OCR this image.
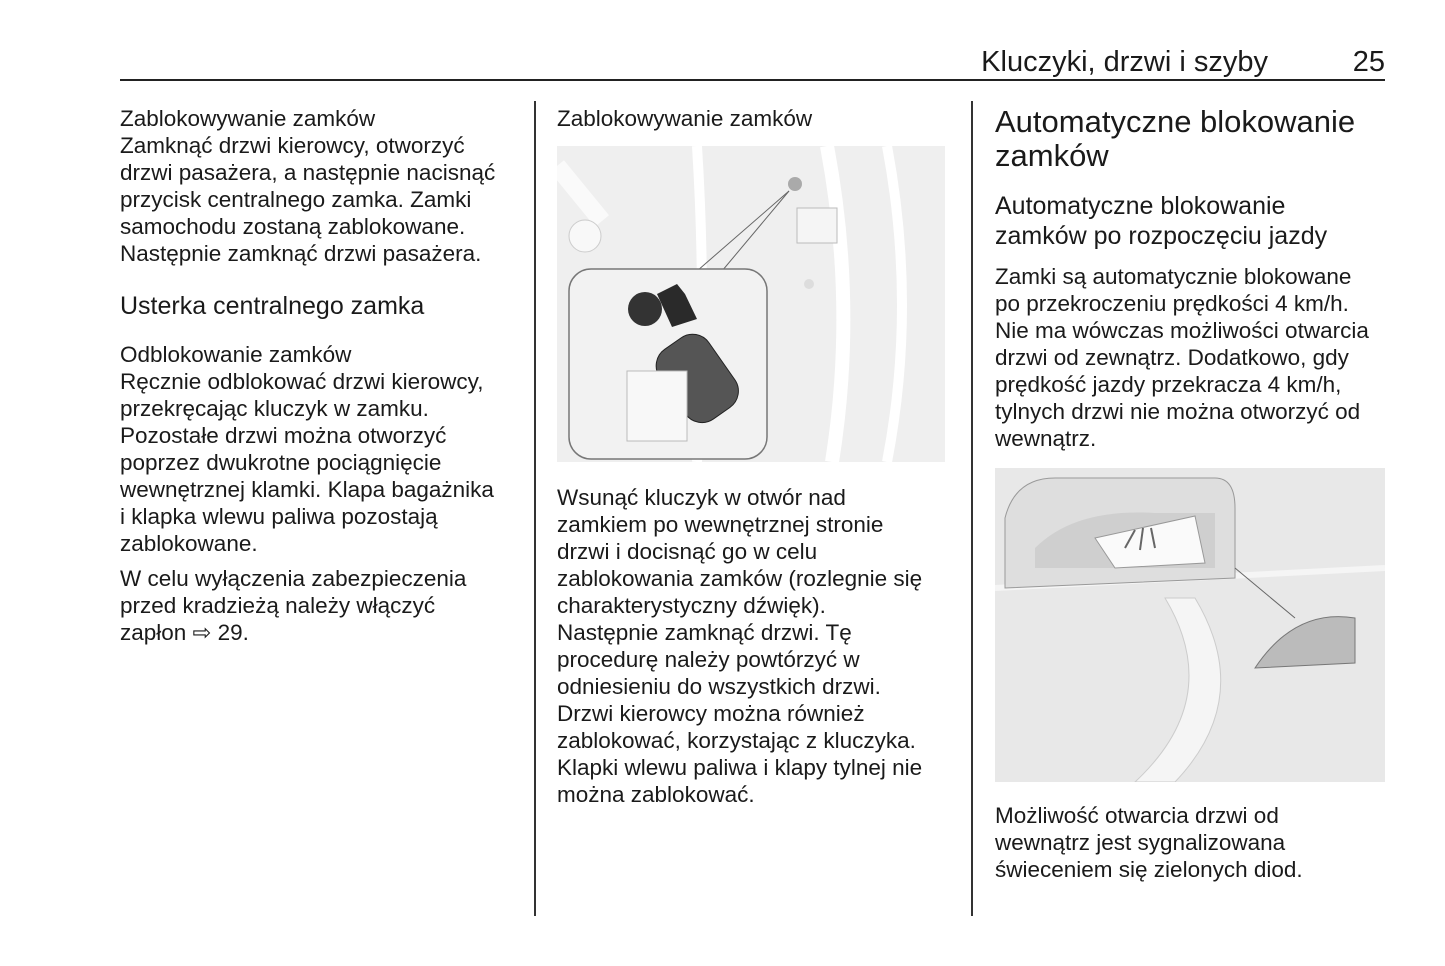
Kluczyki, drzwi i szyby	25
Zablokowywanie zamków
Zamknąć drzwi kierowcy, otworzyć
drzwi pasażera, a następnie nacisnąć
przycisk centralnego zamka. Zamki
samochodu zostaną zablokowane.
Następnie zamknąć drzwi pasażera.
Usterka centralnego zamka
Odblokowanie zamków
Ręcznie odblokować drzwi kierowcy,
przekręcając kluczyk w zamku.
Pozostałe drzwi można otworzyć
poprzez dwukrotne pociągnięcie
wewnętrznej klamki. Klapa bagażnika
i klapka wlewu paliwa pozostają
zablokowane.
W celu wyłączenia zabezpieczenia
przed kradzieżą należy włączyć
zapłon ⇨ 29.
Zablokowywanie zamków
Wsunąć kluczyk w otwór nad
zamkiem po wewnętrznej stronie
drzwi i docisnąć go w celu
zablokowania zamków (rozlegnie się
charakterystyczny dźwięk).
Następnie zamknąć drzwi. Tę
procedurę należy powtórzyć w
odniesieniu do wszystkich drzwi.
Drzwi kierowcy można również
zablokować, korzystając z kluczyka.
Klapki wlewu paliwa i klapy tylnej nie
można zablokować.
Automatyczne blokowanie
zamków
Automatyczne blokowanie
zamków po rozpoczęciu jazdy
Zamki są automatycznie blokowane
po przekroczeniu prędkości 4 km/h.
Nie ma wówczas możliwości otwarcia
drzwi od zewnątrz. Dodatkowo, gdy
prędkość jazdy przekracza 4 km/h,
tylnych drzwi nie można otworzyć od
wewnątrz.
Możliwość otwarcia drzwi od
wewnątrz jest sygnalizowana
świeceniem się zielonych diod.
